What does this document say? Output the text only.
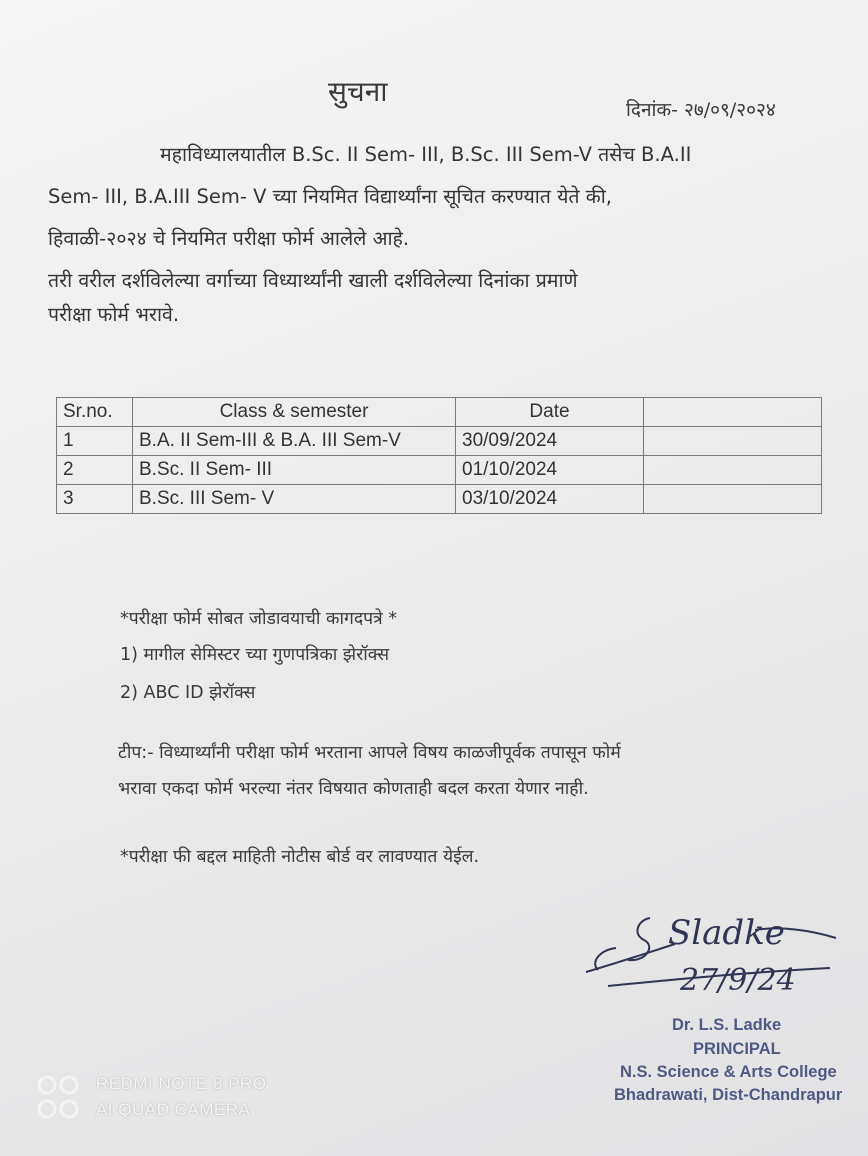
सुचना
दिनांक- २७/०९/२०२४
महाविध्यालयातील B.Sc. II Sem- III, B.Sc. III Sem-V तसेच B.A.II
Sem- III, B.A.III Sem- V च्या नियमित विद्यार्थ्यांना सूचित करण्यात येते की,
हिवाळी-२०२४ चे नियमित परीक्षा फोर्म आलेले आहे.
तरी वरील दर्शविलेल्या वर्गाच्या विध्यार्थ्यांनी खाली दर्शविलेल्या दिनांका प्रमाणे
परीक्षा फोर्म भरावे.
Sr.no.	Class & semester	Date	
1	B.A. II Sem-III & B.A. III Sem-V	30/09/2024	
2	B.Sc. II Sem- III	01/10/2024	
3	B.Sc. III Sem- V	03/10/2024	
*परीक्षा फोर्म सोबत जोडावयाची कागदपत्रे *
1) मागील सेमिस्टर च्या गुणपत्रिका झेरॉक्स
2) ABC ID झेरॉक्स
टीप:- विध्यार्थ्यांनी परीक्षा फोर्म भरताना आपले विषय काळजीपूर्वक तपासून फोर्म
भरावा एकदा फोर्म भरल्या नंतर विषयात कोणताही बदल करता येणार नाही.
*परीक्षा फी बद्दल माहिती नोटीस बोर्ड वर लावण्यात येईल.
Sladke
27/9/24
Dr. L.S. Ladke
PRINCIPAL
N.S. Science & Arts College
Bhadrawati, Dist-Chandrapur
REDMI NOTE 8 PRO
AI QUAD CAMERA
